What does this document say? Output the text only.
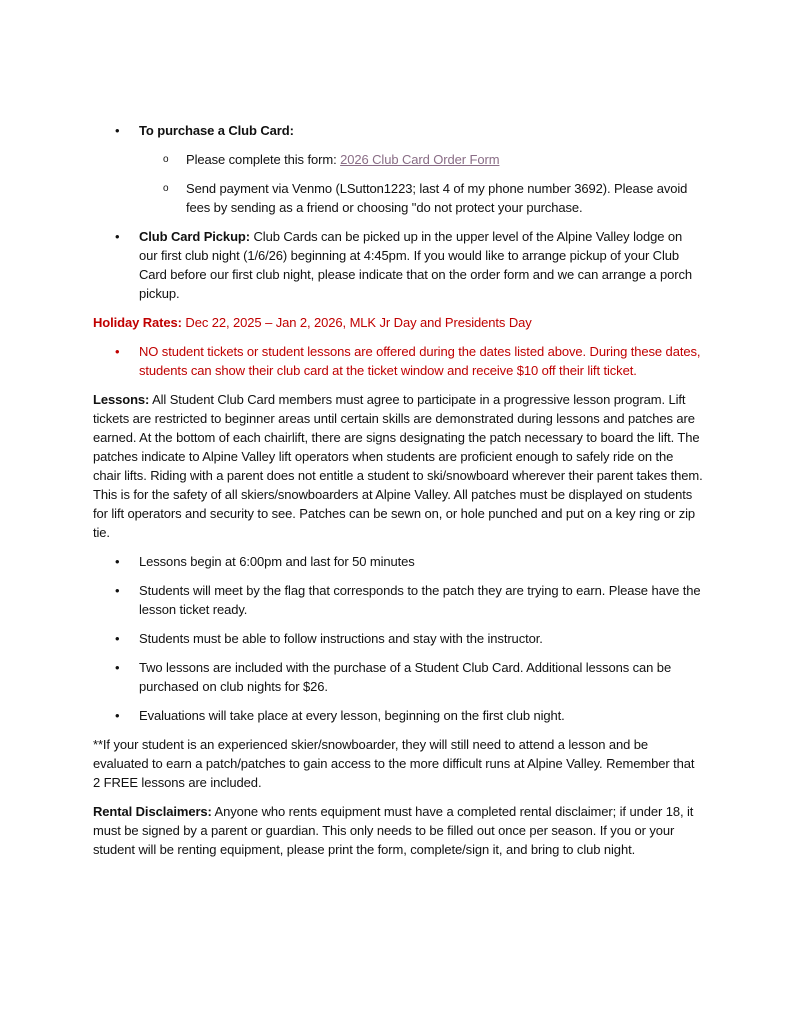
• To purchase a Club Card:

o Please complete this form: 2026 Club Card Order Form

o Send payment via Venmo (LSutton1223; last 4 of my phone number 3692). Please avoid fees by sending as a friend or choosing "do not protect your purchase.

• Club Card Pickup: Club Cards can be picked up in the upper level of the Alpine Valley lodge on our first club night (1/6/26) beginning at 4:45pm. If you would like to arrange pickup of your Club Card before our first club night, please indicate that on the order form and we can arrange a porch pickup.

Holiday Rates: Dec 22, 2025 – Jan 2, 2026, MLK Jr Day and Presidents Day

• NO student tickets or student lessons are offered during the dates listed above. During these dates, students can show their club card at the ticket window and receive $10 off their lift ticket.

Lessons: All Student Club Card members must agree to participate in a progressive lesson program. Lift tickets are restricted to beginner areas until certain skills are demonstrated during lessons and patches are earned. At the bottom of each chairlift, there are signs designating the patch necessary to board the lift. The patches indicate to Alpine Valley lift operators when students are proficient enough to safely ride on the chair lifts. Riding with a parent does not entitle a student to ski/snowboard wherever their parent takes them. This is for the safety of all skiers/snowboarders at Alpine Valley. All patches must be displayed on students for lift operators and security to see. Patches can be sewn on, or hole punched and put on a key ring or zip tie.

• Lessons begin at 6:00pm and last for 50 minutes

• Students will meet by the flag that corresponds to the patch they are trying to earn. Please have the lesson ticket ready.

• Students must be able to follow instructions and stay with the instructor.

• Two lessons are included with the purchase of a Student Club Card. Additional lessons can be purchased on club nights for $26.

• Evaluations will take place at every lesson, beginning on the first club night.

**If your student is an experienced skier/snowboarder, they will still need to attend a lesson and be evaluated to earn a patch/patches to gain access to the more difficult runs at Alpine Valley. Remember that 2 FREE lessons are included.

Rental Disclaimers: Anyone who rents equipment must have a completed rental disclaimer; if under 18, it must be signed by a parent or guardian. This only needs to be filled out once per season. If you or your student will be renting equipment, please print the form, complete/sign it, and bring to club night.
